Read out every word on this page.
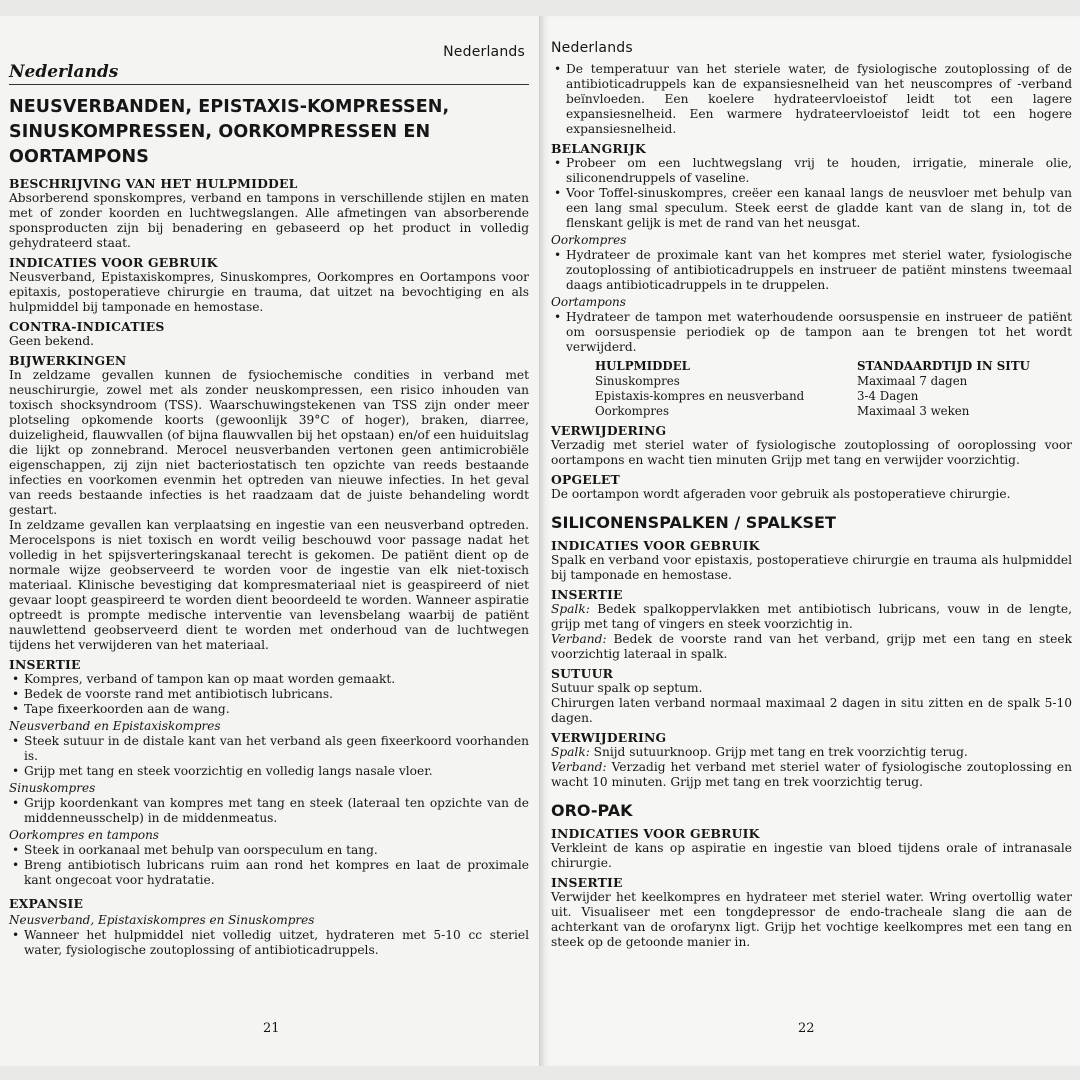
Nederlands
Nederlands
NEUSVERBANDEN, EPISTAXIS-KOMPRESSEN, SINUSKOMPRESSEN, OORKOMPRESSEN EN OORTAMPONS
BESCHRIJVING VAN HET HULPMIDDEL

Absorberend sponskompres, verband en tampons in verschillende stijlen en maten met of zonder koorden en luchtwegslangen. Alle afmetingen van absorberende sponsproducten zijn bij benadering en gebaseerd op het product in volledig gehydrateerd staat.

INDICATIES VOOR GEBRUIK

Neusverband, Epistaxiskompres, Sinuskompres, Oorkompres en Oortampons voor epitaxis, postoperatieve chirurgie en trauma, dat uitzet na bevochtiging en als hulpmiddel bij tamponade en hemostase.

CONTRA-INDICATIES

Geen bekend.

BIJWERKINGEN

In zeldzame gevallen kunnen de fysiochemische condities in verband met neuschirurgie, zowel met als zonder neuskompressen, een risico inhouden van toxisch shocksyndroom (TSS). Waarschuwingstekenen van TSS zijn onder meer plotseling opkomende koorts (gewoonlijk 39°C of hoger), braken, diarree, duizeligheid, flauwvallen (of bijna flauwvallen bij het opstaan) en/of een huiduitslag die lijkt op zonnebrand. Merocel neusverbanden vertonen geen antimicrobiële eigenschappen, zij zijn niet bacteriostatisch ten opzichte van reeds bestaande infecties en voorkomen evenmin het optreden van nieuwe infecties. In het geval van reeds bestaande infecties is het raadzaam dat de juiste behandeling wordt gestart.

In zeldzame gevallen kan verplaatsing en ingestie van een neusverband optreden. Merocelspons is niet toxisch en wordt veilig beschouwd voor passage nadat het volledig in het spijsverteringskanaal terecht is gekomen. De patiënt dient op de normale wijze geobserveerd te worden voor de ingestie van elk niet-toxisch materiaal. Klinische bevestiging dat kompresmateriaal niet is geaspireerd of niet gevaar loopt geaspireerd te worden dient beoordeeld te worden. Wanneer aspiratie optreedt is prompte medische interventie van levensbelang waarbij de patiënt nauwlettend geobserveerd dient te worden met onderhoud van de luchtwegen tijdens het verwijderen van het materiaal.

INSERTIE
• Kompres, verband of tampon kan op maat worden gemaakt.
• Bedek de voorste rand met antibiotisch lubricans.
• Tape fixeerkoorden aan de wang.
Neusverband en Epistaxiskompres
• Steek sutuur in de distale kant van het verband als geen fixeerkoord voorhanden is.
• Grijp met tang en steek voorzichtig en volledig langs nasale vloer.
Sinuskompres
• Grijp koordenkant van kompres met tang en steek (lateraal ten opzichte van de middenneusschelp) in de middenmeatus.
Oorkompres en tampons
• Steek in oorkanaal met behulp van oorspeculum en tang.
• Breng antibiotisch lubricans ruim aan rond het kompres en laat de proximale kant ongecoat voor hydratatie.
EXPANSIE
Neusverband, Epistaxiskompres en Sinuskompres
• Wanneer het hulpmiddel niet volledig uitzet, hydrateren met 5-10 cc steriel water, fysiologische zoutoplossing of antibioticadruppels.
21
Nederlands
• De temperatuur van het steriele water, de fysiologische zoutoplossing of de antibioticadruppels kan de expansiesnelheid van het neuscompres of -verband beïnvloeden. Een koelere hydrateervloeistof leidt tot een lagere expansiesnelheid. Een warmere hydrateervloeistof leidt tot een hogere expansiesnelheid.
BELANGRIJK
• Probeer om een luchtwegslang vrij te houden, irrigatie, minerale olie, siliconendruppels of vaseline.
• Voor Toffel-sinuskompres, creëer een kanaal langs de neusvloer met behulp van een lang smal speculum. Steek eerst de gladde kant van de slang in, tot de flenskant gelijk is met de rand van het neusgat.
Oorkompres
• Hydrateer de proximale kant van het kompres met steriel water, fysiologische zoutoplossing of antibioticadruppels en instrueer de patiënt minstens tweemaal daags antibioticadruppels in te druppelen.
Oortampons
• Hydrateer de tampon met waterhoudende oorsuspensie en instrueer de patiënt om oorsuspensie periodiek op de tampon aan te brengen tot het wordt verwijderd.
HULPMIDDEL	STANDAARDTIJD IN SITU
Sinuskompres	Maximaal 7 dagen
Epistaxis-kompres en neusverband	3-4 Dagen
Oorkompres	Maximaal 3 weken
VERWIJDERING

Verzadig met steriel water of fysiologische zoutoplossing of ooroplossing voor oortampons en wacht tien minuten Grijp met tang en verwijder voorzichtig.

OPGELET

De oortampon wordt afgeraden voor gebruik als postoperatieve chirurgie.

SILICONENSPALKEN / SPALKSET
INDICATIES VOOR GEBRUIK

Spalk en verband voor epistaxis, postoperatieve chirurgie en trauma als hulpmiddel bij tamponade en hemostase.

INSERTIE

Spalk: Bedek spalkoppervlakken met antibiotisch lubricans, vouw in de lengte, grijp met tang of vingers en steek voorzichtig in.

Verband: Bedek de voorste rand van het verband, grijp met een tang en steek voorzichtig lateraal in spalk.

SUTUUR

Sutuur spalk op septum.

Chirurgen laten verband normaal maximaal 2 dagen in situ zitten en de spalk 5-10 dagen.

VERWIJDERING

Spalk: Snijd sutuurknoop. Grijp met tang en trek voorzichtig terug.

Verband: Verzadig het verband met steriel water of fysiologische zoutoplossing en wacht 10 minuten. Grijp met tang en trek voorzichtig terug.

ORO-PAK
INDICATIES VOOR GEBRUIK

Verkleint de kans op aspiratie en ingestie van bloed tijdens orale of intranasale chirurgie.

INSERTIE

Verwijder het keelkompres en hydrateer met steriel water. Wring overtollig water uit. Visualiseer met een tongdepressor de endo-tracheale slang die aan de achterkant van de orofarynx ligt. Grijp het vochtige keelkompres met een tang en steek op de getoonde manier in.

22
